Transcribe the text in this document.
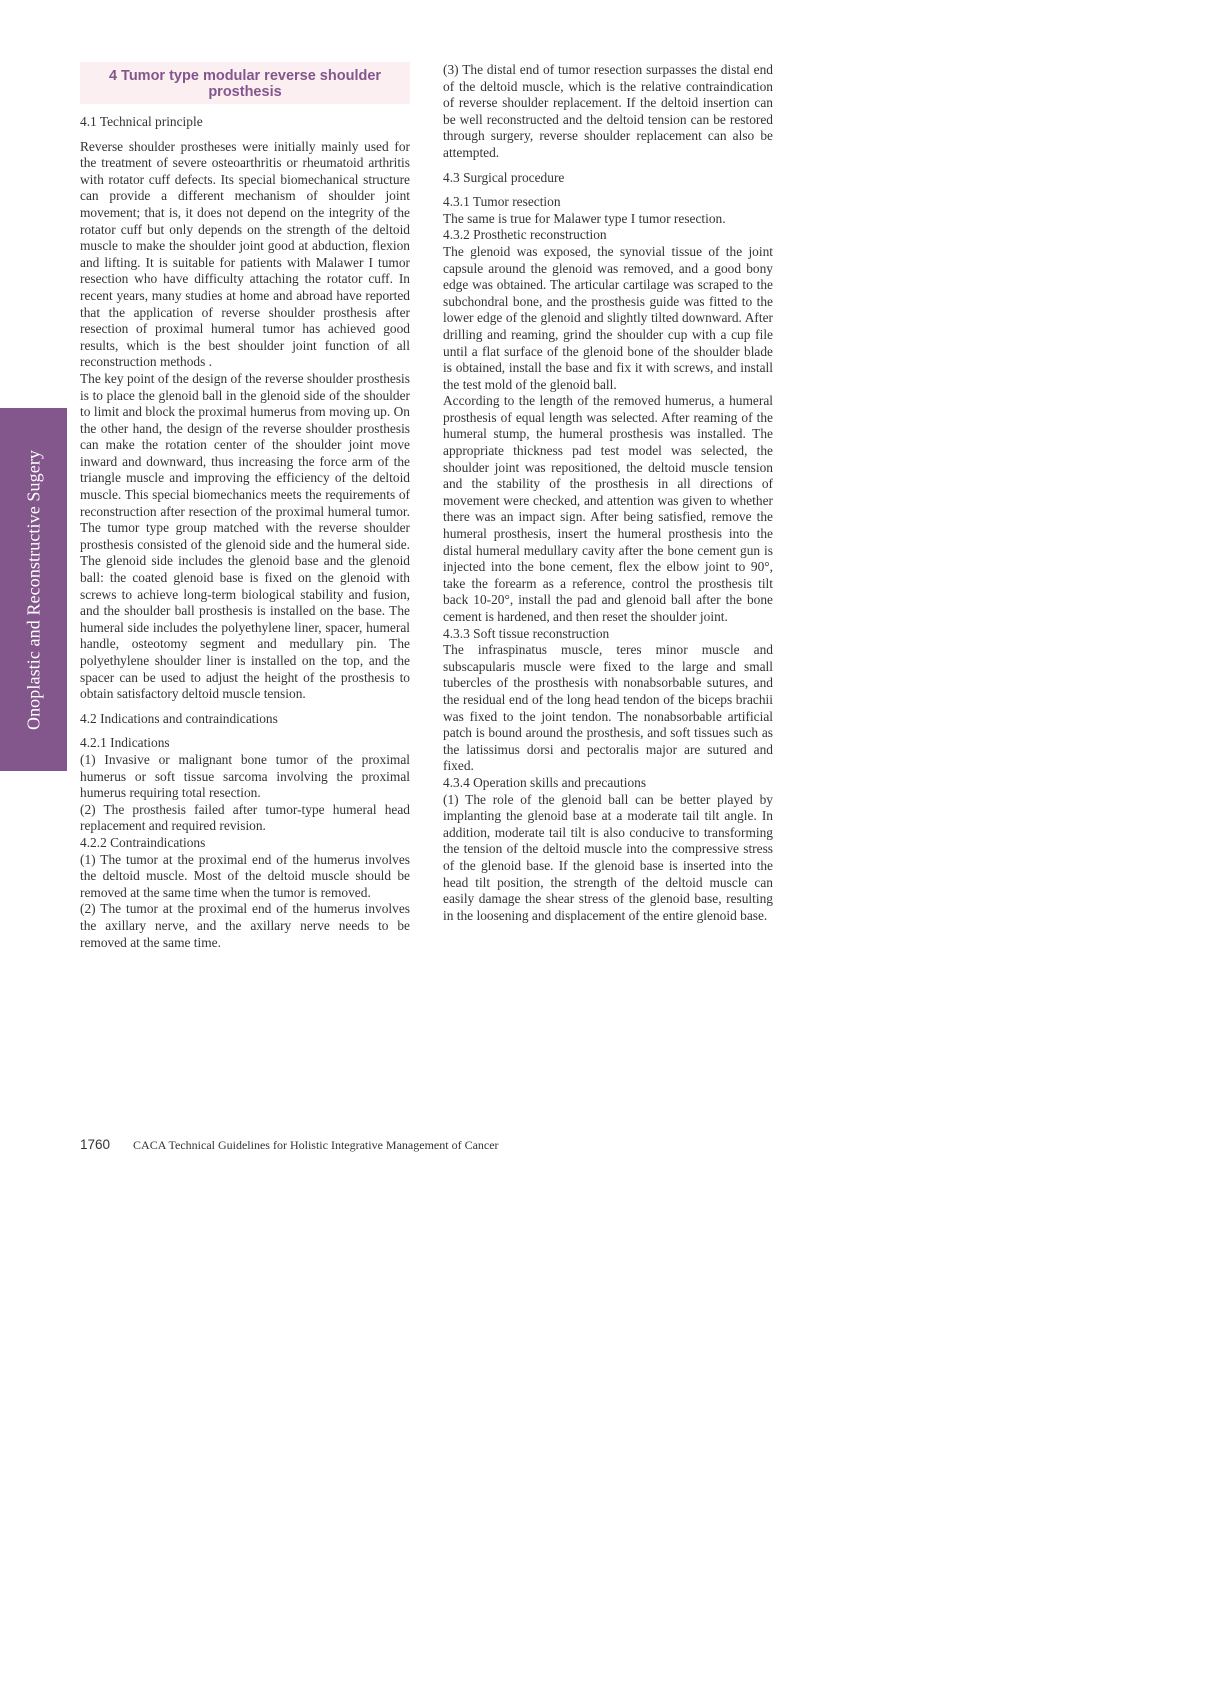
Onoplastic and Reconstructive Sugery
4 Tumor type modular reverse shoulder prosthesis
4.1 Technical principle

Reverse shoulder prostheses were initially mainly used for the treatment of severe osteoarthritis or rheumatoid arthritis with rotator cuff defects. Its special biomechanical structure can provide a different mechanism of shoulder joint movement; that is, it does not depend on the integrity of the rotator cuff but only depends on the strength of the deltoid muscle to make the shoulder joint good at abduction, flexion and lifting. It is suitable for patients with Malawer I tumor resection who have difficulty attaching the rotator cuff. In recent years, many studies at home and abroad have reported that the application of reverse shoulder prosthesis after resection of proximal humeral tumor has achieved good results, which is the best shoulder joint function of all reconstruction methods .

The key point of the design of the reverse shoulder prosthesis is to place the glenoid ball in the glenoid side of the shoulder to limit and block the proximal humerus from moving up. On the other hand, the design of the reverse shoulder prosthesis can make the rotation center of the shoulder joint move inward and downward, thus increasing the force arm of the triangle muscle and improving the efficiency of the deltoid muscle. This special biomechanics meets the requirements of reconstruction after resection of the proximal humeral tumor. The tumor type group matched with the reverse shoulder prosthesis consisted of the glenoid side and the humeral side. The glenoid side includes the glenoid base and the glenoid ball: the coated glenoid base is fixed on the glenoid with screws to achieve long-term biological stability and fusion, and the shoulder ball prosthesis is installed on the base. The humeral side includes the polyethylene liner, spacer, humeral handle, osteotomy segment and medullary pin. The polyethylene shoulder liner is installed on the top, and the spacer can be used to adjust the height of the prosthesis to obtain satisfactory deltoid muscle tension.

4.2 Indications and contraindications
4.2.1 Indications

(1) Invasive or malignant bone tumor of the proximal humerus or soft tissue sarcoma involving the proximal humerus requiring total resection.

(2) The prosthesis failed after tumor-type humeral head replacement and required revision.

4.2.2 Contraindications

(1) The tumor at the proximal end of the humerus involves the deltoid muscle. Most of the deltoid muscle should be removed at the same time when the tumor is removed.

(2) The tumor at the proximal end of the humerus involves the axillary nerve, and the axillary nerve needs to be removed at the same time.

(3) The distal end of tumor resection surpasses the distal end of the deltoid muscle, which is the relative contraindication of reverse shoulder replacement. If the deltoid insertion can be well reconstructed and the deltoid tension can be restored through surgery, reverse shoulder replacement can also be attempted.

4.3 Surgical procedure
4.3.1 Tumor resection

The same is true for Malawer type I tumor resection.

4.3.2 Prosthetic reconstruction

The glenoid was exposed, the synovial tissue of the joint capsule around the glenoid was removed, and a good bony edge was obtained. The articular cartilage was scraped to the subchondral bone, and the prosthesis guide was fitted to the lower edge of the glenoid and slightly tilted downward. After drilling and reaming, grind the shoulder cup with a cup file until a flat surface of the glenoid bone of the shoulder blade is obtained, install the base and fix it with screws, and install the test mold of the glenoid ball.

According to the length of the removed humerus, a humeral prosthesis of equal length was selected. After reaming of the humeral stump, the humeral prosthesis was installed. The appropriate thickness pad test model was selected, the shoulder joint was repositioned, the deltoid muscle tension and the stability of the prosthesis in all directions of movement were checked, and attention was given to whether there was an impact sign. After being satisfied, remove the humeral prosthesis, insert the humeral prosthesis into the distal humeral medullary cavity after the bone cement gun is injected into the bone cement, flex the elbow joint to 90°, take the forearm as a reference, control the prosthesis tilt back 10-20°, install the pad and glenoid ball after the bone cement is hardened, and then reset the shoulder joint.

4.3.3 Soft tissue reconstruction

The infraspinatus muscle, teres minor muscle and subscapularis muscle were fixed to the large and small tubercles of the prosthesis with nonabsorbable sutures, and the residual end of the long head tendon of the biceps brachii was fixed to the joint tendon. The nonabsorbable artificial patch is bound around the prosthesis, and soft tissues such as the latissimus dorsi and pectoralis major are sutured and fixed.

4.3.4 Operation skills and precautions

(1) The role of the glenoid ball can be better played by implanting the glenoid base at a moderate tail tilt angle. In addition, moderate tail tilt is also conducive to transforming the tension of the deltoid muscle into the compressive stress of the glenoid base. If the glenoid base is inserted into the head tilt position, the strength of the deltoid muscle can easily damage the shear stress of the glenoid base, resulting in the loosening and displacement of the entire glenoid base.

1760 CACA Technical Guidelines for Holistic Integrative Management of Cancer
